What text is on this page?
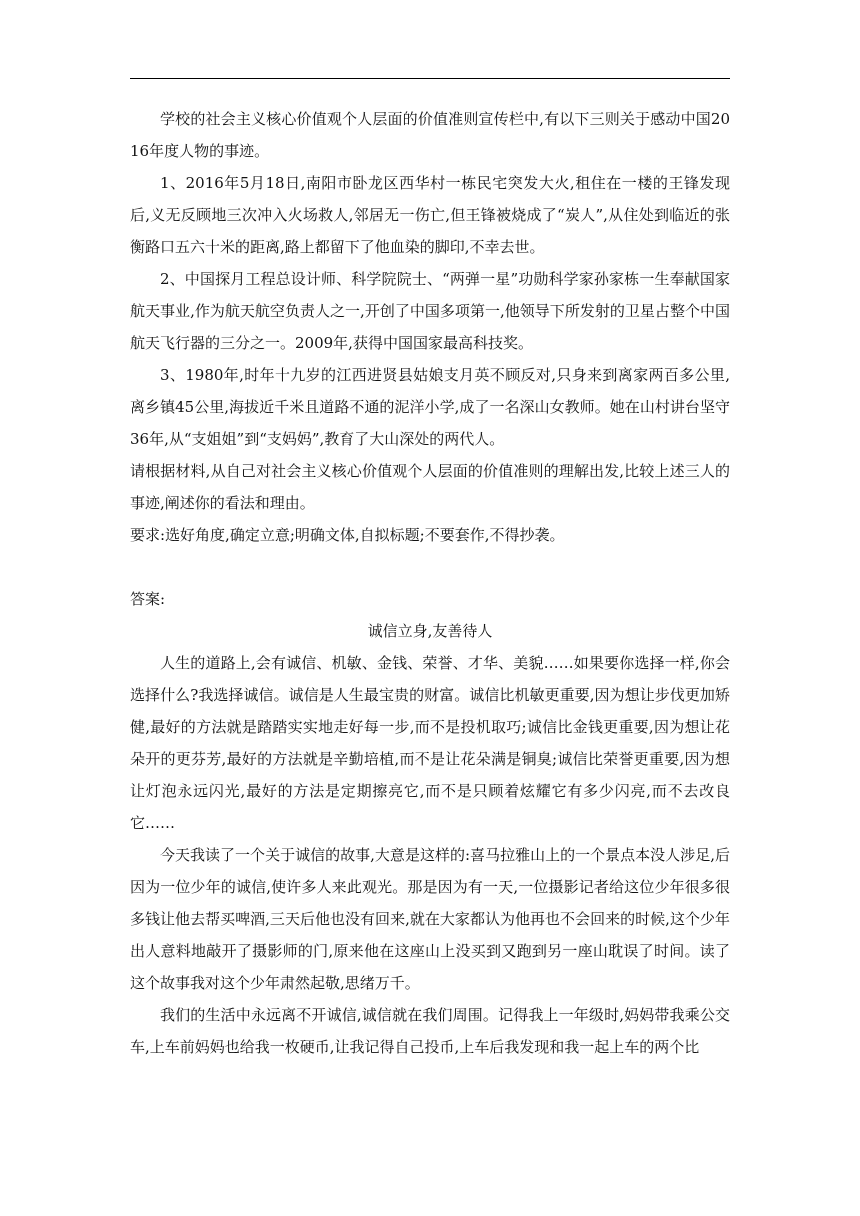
学校的社会主义核心价值观个人层面的价值准则宣传栏中,有以下三则关于感动中国2016年度人物的事迹。

1、2016年5月18日,南阳市卧龙区西华村一栋民宅突发大火,租住在一楼的王锋发现后,义无反顾地三次冲入火场救人,邻居无一伤亡,但王锋被烧成了“炭人”,从住处到临近的张衡路口五六十米的距离,路上都留下了他血染的脚印,不幸去世。

2、中国探月工程总设计师、科学院院士、“两弹一星”功勋科学家孙家栋一生奉献国家航天事业,作为航天航空负责人之一,开创了中国多项第一,他领导下所发射的卫星占整个中国航天飞行器的三分之一。2009年,获得中国国家最高科技奖。

3、1980年,时年十九岁的江西进贤县姑娘支月英不顾反对,只身来到离家两百多公里,离乡镇45公里,海拔近千米且道路不通的泥洋小学,成了一名深山女教师。她在山村讲台坚守36年,从“支姐姐”到“支妈妈”,教育了大山深处的两代人。

请根据材料,从自己对社会主义核心价值观个人层面的价值准则的理解出发,比较上述三人的事迹,阐述你的看法和理由。

要求:选好角度,确定立意;明确文体,自拟标题;不要套作,不得抄袭。

答案:

诚信立身,友善待人

人生的道路上,会有诚信、机敏、金钱、荣誉、才华、美貌……如果要你选择一样,你会选择什么?我选择诚信。诚信是人生最宝贵的财富。诚信比机敏更重要,因为想让步伐更加矫健,最好的方法就是踏踏实实地走好每一步,而不是投机取巧;诚信比金钱更重要,因为想让花朵开的更芬芳,最好的方法就是辛勤培植,而不是让花朵满是铜臭;诚信比荣誉更重要,因为想让灯泡永远闪光,最好的方法是定期擦亮它,而不是只顾着炫耀它有多少闪亮,而不去改良它……

今天我读了一个关于诚信的故事,大意是这样的:喜马拉雅山上的一个景点本没人涉足,后因为一位少年的诚信,使许多人来此观光。那是因为有一天,一位摄影记者给这位少年很多很多钱让他去帮买啤酒,三天后他也没有回来,就在大家都认为他再也不会回来的时候,这个少年出人意料地敲开了摄影师的门,原来他在这座山上没买到又跑到另一座山耽误了时间。读了这个故事我对这个少年肃然起敬,思绪万千。

我们的生活中永远离不开诚信,诚信就在我们周围。记得我上一年级时,妈妈带我乘公交车,上车前妈妈也给我一枚硬币,让我记得自己投币,上车后我发现和我一起上车的两个比
